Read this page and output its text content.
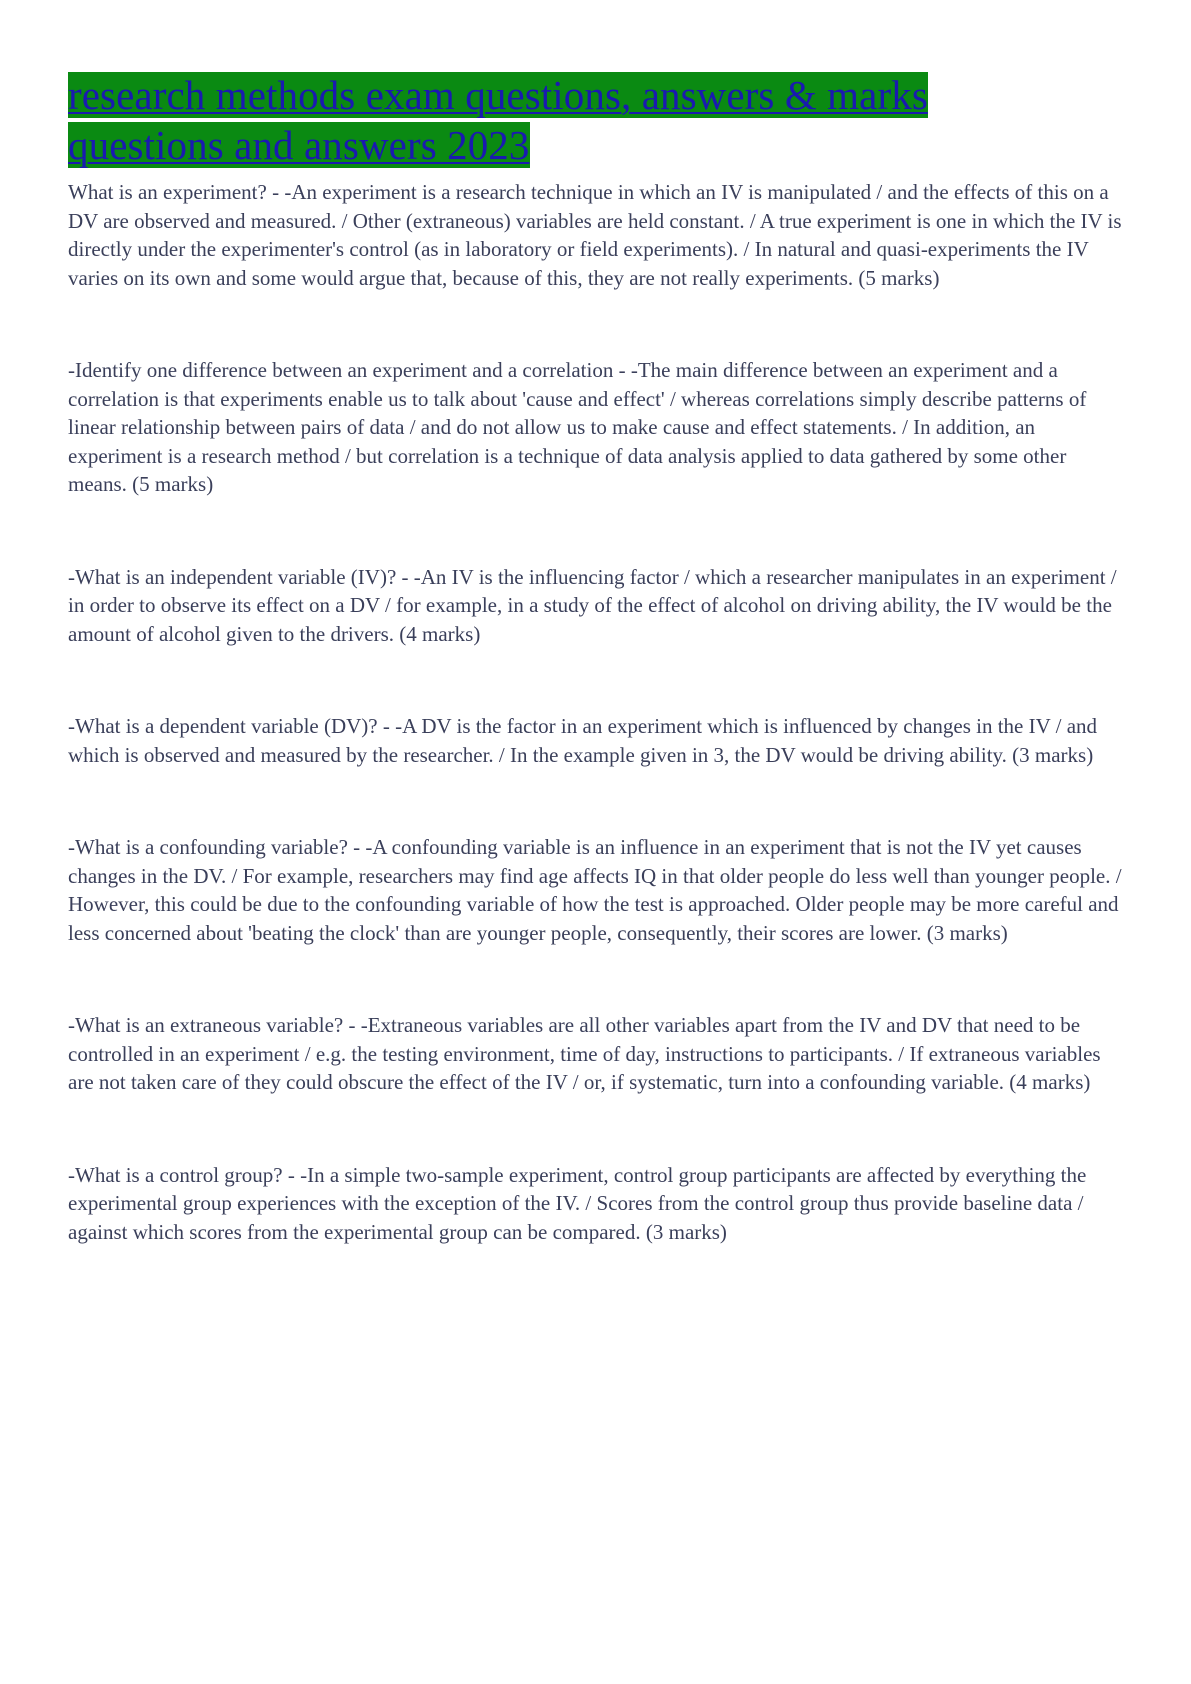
research methods exam questions, answers & marks
questions and answers 2023

What is an experiment? - -An experiment is a research technique in which an IV is manipulated / and the effects of this on a DV are observed and measured. / Other (extraneous) variables are held constant. / A true experiment is one in which the IV is directly under the experimenter's control (as in laboratory or field experiments). / In natural and quasi-experiments the IV varies on its own and some would argue that, because of this, they are not really experiments. (5 marks)

-Identify one difference between an experiment and a correlation - -The main difference between an experiment and a correlation is that experiments enable us to talk about 'cause and effect' / whereas correlations simply describe patterns of linear relationship between pairs of data / and do not allow us to make cause and effect statements. / In addition, an experiment is a research method / but correlation is a technique of data analysis applied to data gathered by some other means. (5 marks)

-What is an independent variable (IV)? - -An IV is the influencing factor / which a researcher manipulates in an experiment / in order to observe its effect on a DV / for example, in a study of the effect of alcohol on driving ability, the IV would be the amount of alcohol given to the drivers. (4 marks)

-What is a dependent variable (DV)? - -A DV is the factor in an experiment which is influenced by changes in the IV / and which is observed and measured by the researcher. / In the example given in 3, the DV would be driving ability. (3 marks)

-What is a confounding variable? - -A confounding variable is an influence in an experiment that is not the IV yet causes changes in the DV. / For example, researchers may find age affects IQ in that older people do less well than younger people. / However, this could be due to the confounding variable of how the test is approached. Older people may be more careful and less concerned about 'beating the clock' than are younger people, consequently, their scores are lower. (3 marks)

-What is an extraneous variable? - -Extraneous variables are all other variables apart from the IV and DV that need to be controlled in an experiment / e.g. the testing environment, time of day, instructions to participants. / If extraneous variables are not taken care of they could obscure the effect of the IV / or, if systematic, turn into a confounding variable. (4 marks)

-What is a control group? - -In a simple two-sample experiment, control group participants are affected by everything the experimental group experiences with the exception of the IV. / Scores from the control group thus provide baseline data / against which scores from the experimental group can be compared. (3 marks)
